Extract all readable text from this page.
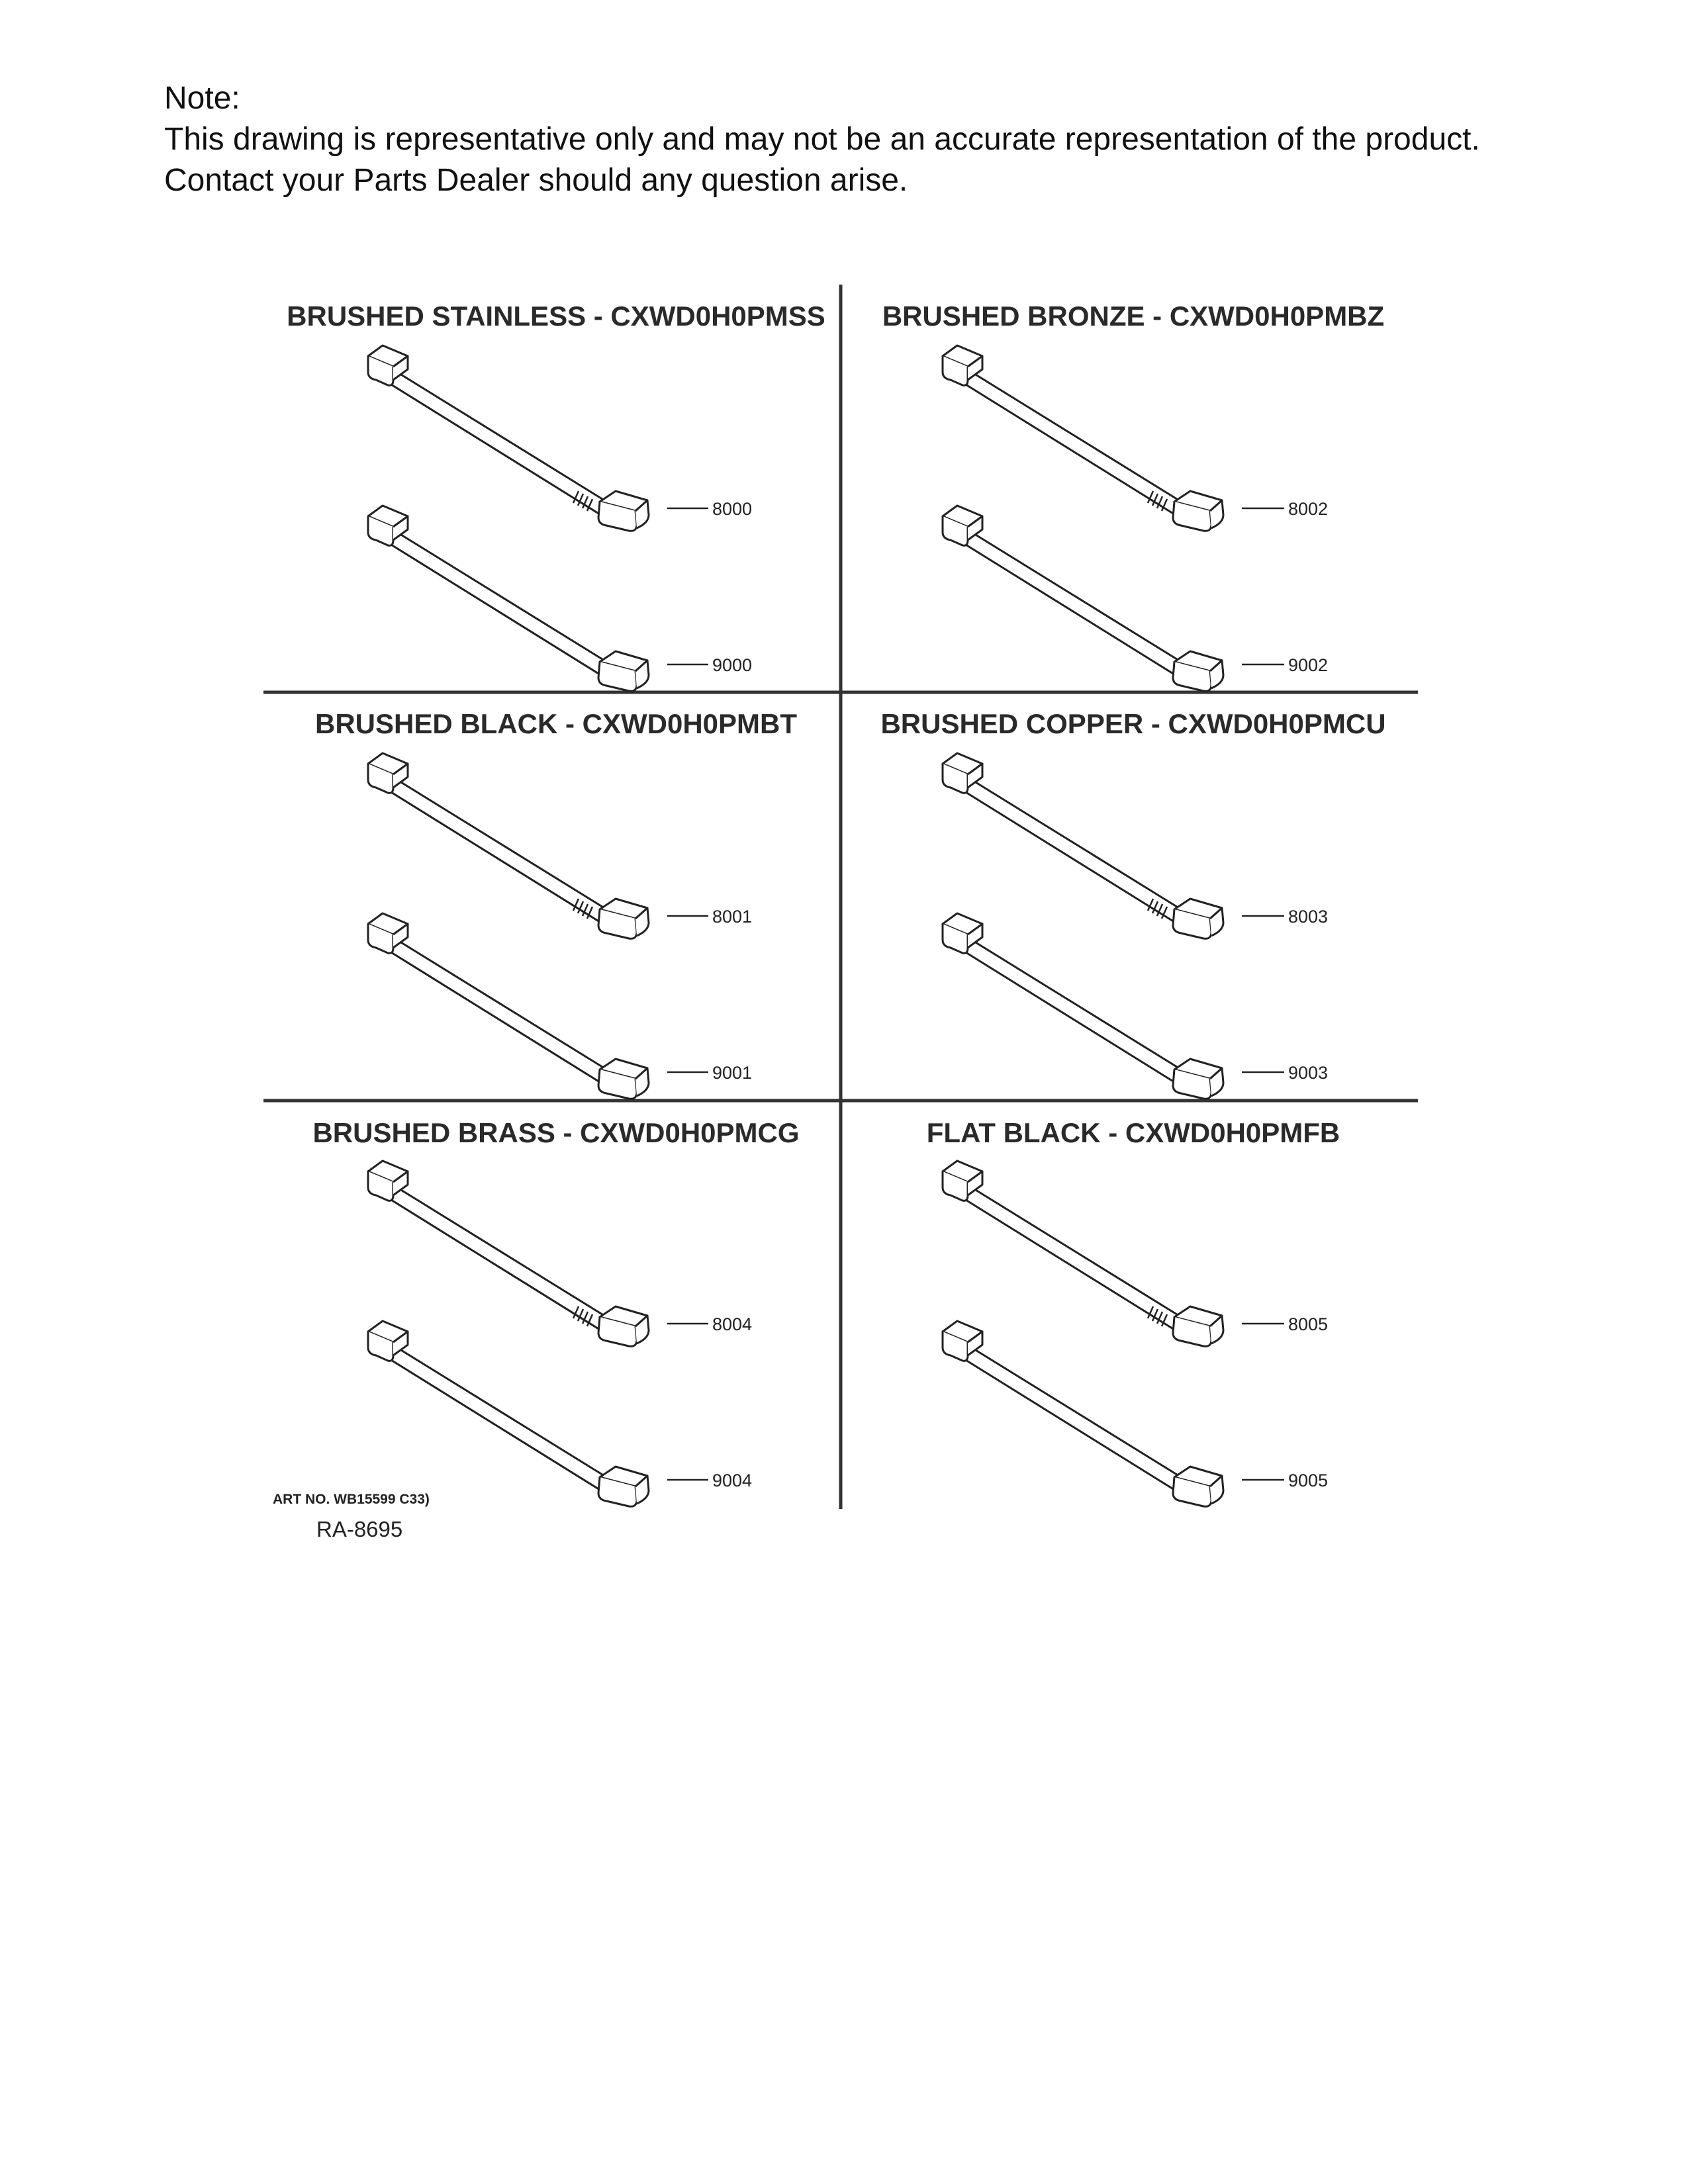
Note:
This drawing is representative only and may not be an accurate representation of the product.
Contact your Parts Dealer should any question arise.
BRUSHED STAINLESS - CXWD0H0PMSS
8000
9000
BRUSHED BRONZE - CXWD0H0PMBZ
8002
9002
BRUSHED BLACK - CXWD0H0PMBT
8001
9001
BRUSHED COPPER - CXWD0H0PMCU
8003
9003
BRUSHED BRASS - CXWD0H0PMCG
8004
9004
FLAT BLACK - CXWD0H0PMFB
8005
9005
ART NO. WB15599 C33)
RA-8695
